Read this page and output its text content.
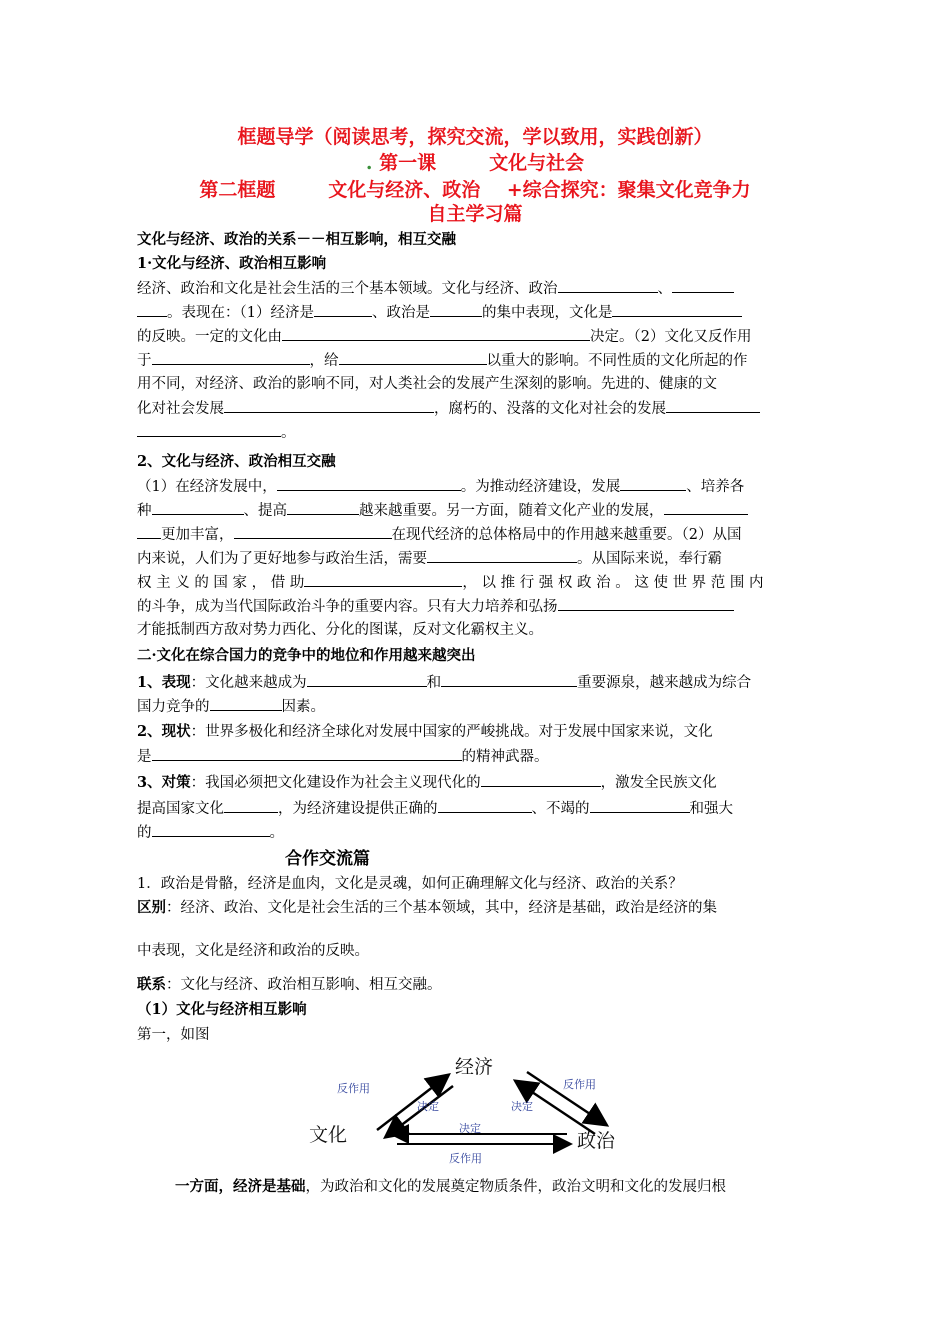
框题导学（阅读思考，探究交流，学以致用，实践创新）
. 第一课        文化与社会
第二框题        文化与经济、政治    +综合探究：聚集文化竞争力
自主学习篇
文化与经济、政治的关系－－相互影响，相互交融
1·文化与经济、政治相互影响
经济、政治和文化是社会生活的三个基本领域。文化与经济、政治	、
。表现在：（1）经济是	、政治是	的集中表现，文化是
的反映。一定的文化由	决定。（2）文化又反作用
于	，给	以重大的影响。不同性质的文化所起的作
用不同，对经济、政治的影响不同，对人类社会的发展产生深刻的影响。先进的、健康的文
化对社会发展	，腐朽的、没落的文化对社会的发展
。
2、文化与经济、政治相互交融
（1）在经济发展中，	。为推动经济建设，发展	、培养各
种	、提高	越来越重要。另一方面，随着文化产业的发展，
更加丰富，	在现代经济的总体格局中的作用越来越重要。（2）从国
内来说，人们为了更好地参与政治生活，需要	。从国际来说，奉行霸
权 主 义 的 国 家 ， 借 助	， 以 推 行 强 权 政 治 。 这 使 世 界 范 围 内
的斗争，成为当代国际政治斗争的重要内容。只有大力培养和弘扬
才能抵制西方敌对势力西化、分化的图谋，反对文化霸权主义。
二·文化在综合国力的竞争中的地位和作用越来越突出
1、表现：文化越来越成为	和	重要源泉，越来越成为综合
国力竞争的	因素。
2、现状：世界多极化和经济全球化对发展中国家的严峻挑战。对于发展中国家来说，文化
是	的精神武器。
3、对策：我国必须把文化建设作为社会主义现代化的	，激发全民族文化
提高国家文化	，为经济建设提供正确的	、不竭的	和强大
的	。
合作交流篇
1．政治是骨骼，经济是血肉，文化是灵魂，如何正确理解文化与经济、政治的关系？
区别：经济、政治、文化是社会生活的三个基本领域，其中，经济是基础，政治是经济的集
中表现，文化是经济和政治的反映。
联系：文化与经济、政治相互影响、相互交融。
（1）文化与经济相互影响
第一，如图
经济
文化	政治
反作用	反作用
反作用
决定	决定
决定
一方面，经济是基础，为政治和文化的发展奠定物质条件，政治文明和文化的发展归根
